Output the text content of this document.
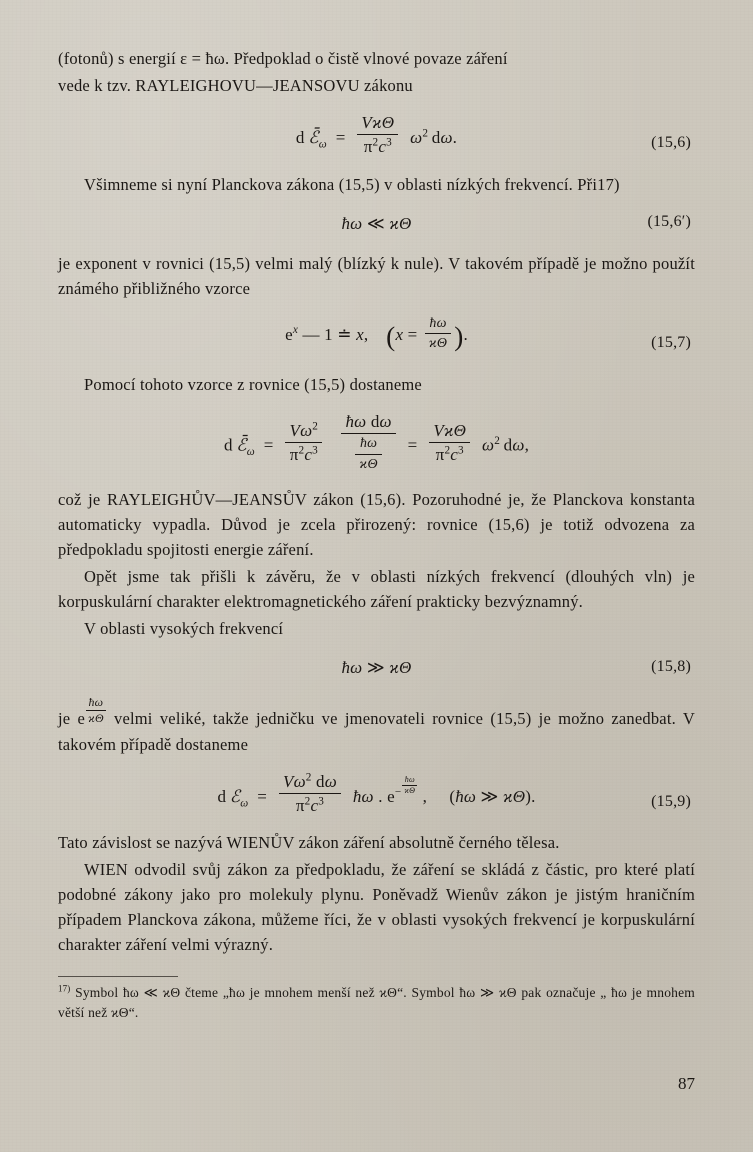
(fotonů) s energií ε = ħω. Předpoklad o čistě vlnové povaze záření

vede k tzv. RAYLEIGHOVU—JEANSOVU zákonu

d  $ℰ̄_\omega = \frac{\text{VϰΘ}}{\pi^2c^3} \omega^2$  dω.	(15,6)

Všimneme si nyní Planckova zákona (15,5) v oblasti nízkých frekvencí. Při17)

ħω ≪ ϰΘ	(15,6′)

je exponent v rovnici (15,5) velmi malý (blízký k nule). V takovém případě je možno použít známého přibližného vzorce

$e^x$ — 1 ≐ x,    ($x = \frac{ħ\omega}{ϰ\Theta}$ ).	(15,7)

Pomocí tohoto vzorce z rovnice (15,5) dostaneme

d  $ℰ̄_\omega = \frac{V\omega^2}{\pi^2c^3}$
$\frac{\text{ħω dω}}{\frac{ħ\omega}{ϰ\Theta}} = \frac{\text{VϰΘ}}{\pi^2c^3} \omega^2$  dω,

což je RAYLEIGHŮV—JEANSŮV zákon (15,6). Pozoruhodné je, že Planckova konstanta automaticky vypadla. Důvod je zcela přirozený: rovnice (15,6) je totiž odvozena za předpokladu spojitosti energie záření.

Opět jsme tak přišli k závěru, že v oblasti nízkých frekvencí (dlouhých vln) je korpuskulární charakter elektromagnetického záření prakticky bezvýznamný.

V oblasti vysokých frekvencí

ħω ≫ ϰΘ	(15,8)

je e $\frac{ħ\omega}{ϰ\Theta}$ velmi veliké, takže jedničku ve jmenovateli rovnice (15,5) je možno zanedbat. V takovém případě dostaneme

d  ℰ$_\omega$  = $\frac{V\omega^2 d\omega}{\pi^2c^3}$ ħω . $e^{- \frac{ħ\omega}{ϰ\Theta}}$
,     (ħω ≫ ϰΘ).	(15,9)

Tato závislost se nazývá WIENŮV zákon záření absolutně černého tělesa.

WIEN odvodil svůj zákon za předpokladu, že záření se skládá z částic, pro které platí podobné zákony jako pro molekuly plynu. Poněvadž Wienův zákon je jistým hraničním případem Planckova zákona, můžeme říci, že v oblasti vysokých frekvencí je korpuskulární charakter záření velmi výrazný.

$^{17)}$ Symbol ħω ≪ ϰΘ čteme „ħω je mnohem menší než ϰΘ“. Symbol ħω ≫ ϰΘ pak označuje „ ħω je mnohem větší než ϰΘ“.
87
